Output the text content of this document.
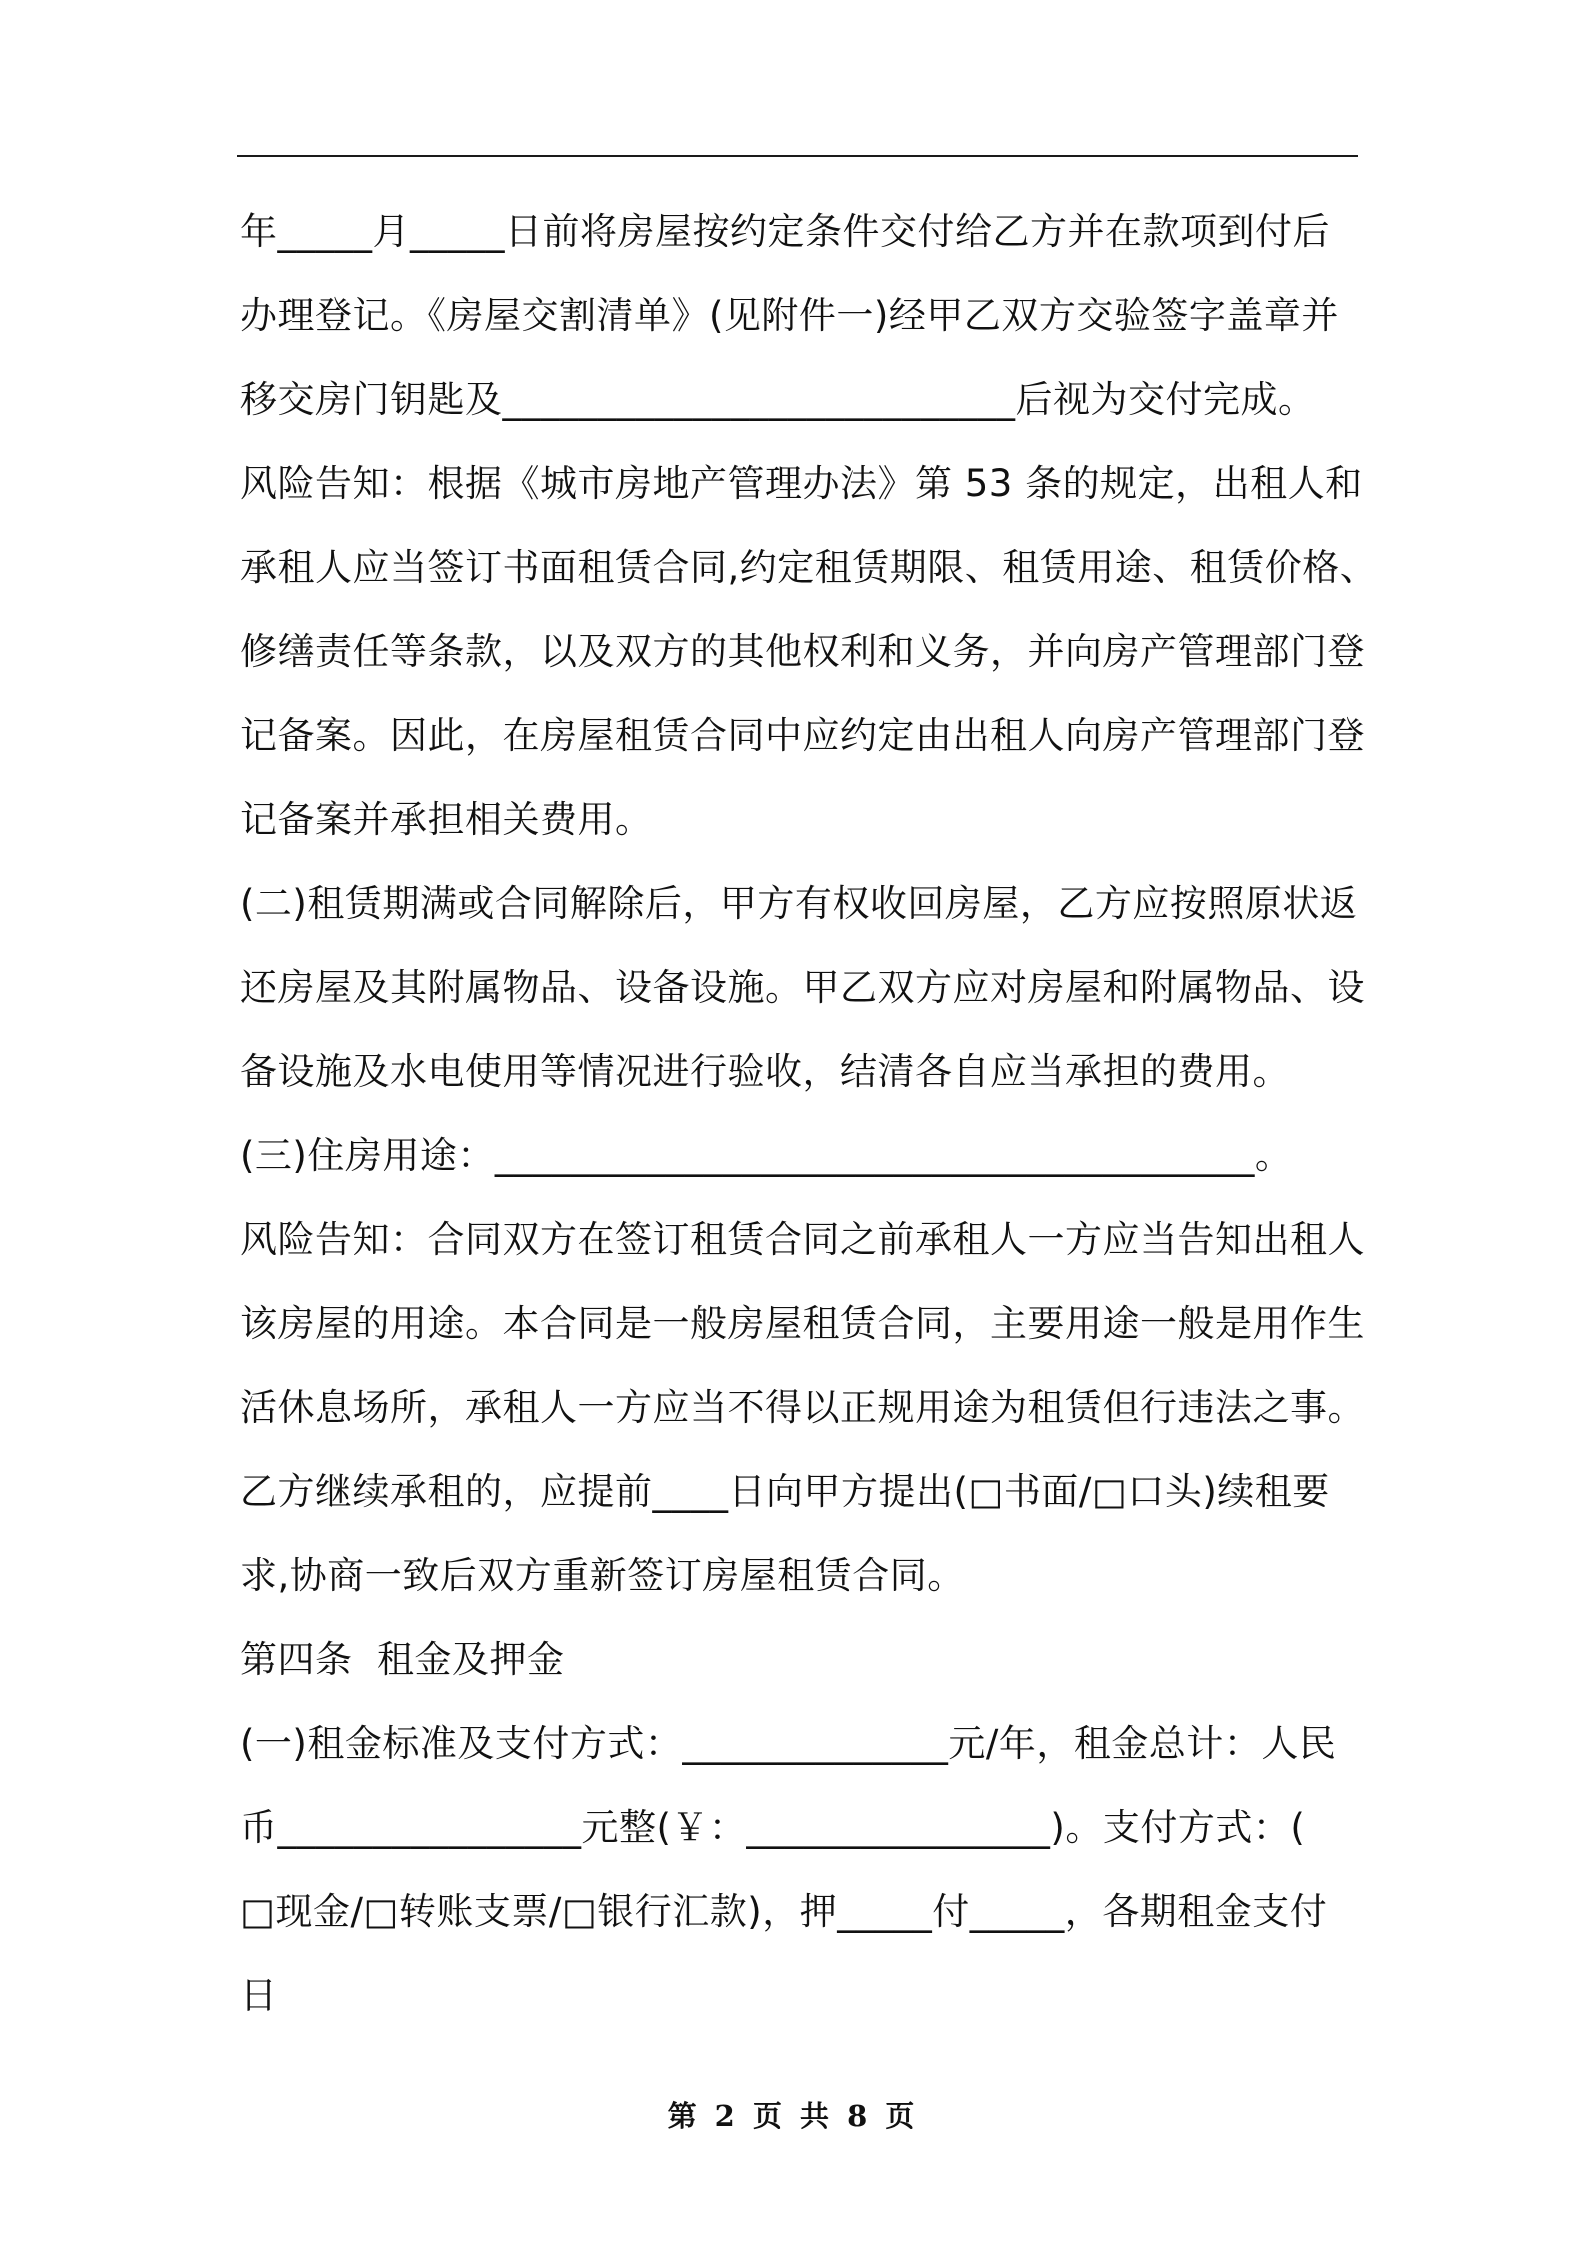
年_____月_____日前将房屋按约定条件交付给乙方并在款项到付后
办理登记。《房屋交割清单》(见附件一)经甲乙双方交验签字盖章并
移交房门钥匙及___________________________后视为交付完成。
风险告知：根据《城市房地产管理办法》第 53 条的规定，出租人和
承租人应当签订书面租赁合同,约定租赁期限、租赁用途、租赁价格、
修缮责任等条款，以及双方的其他权利和义务，并向房产管理部门登
记备案。因此，在房屋租赁合同中应约定由出租人向房产管理部门登
记备案并承担相关费用。
(二)租赁期满或合同解除后，甲方有权收回房屋，乙方应按照原状返
还房屋及其附属物品、设备设施。甲乙双方应对房屋和附属物品、设
备设施及水电使用等情况进行验收，结清各自应当承担的费用。
(三)住房用途：________________________________________。
风险告知：合同双方在签订租赁合同之前承租人一方应当告知出租人
该房屋的用途。本合同是一般房屋租赁合同，主要用途一般是用作生
活休息场所，承租人一方应当不得以正规用途为租赁但行违法之事。
乙方继续承租的，应提前____日向甲方提出(□书面/□口头)续租要
求,协商一致后双方重新签订房屋租赁合同。
第四条  租金及押金
(一)租金标准及支付方式：______________元/年，租金总计：人民
币________________元整(￥：________________)。支付方式：(
□现金/□转账支票/□银行汇款)，押_____付_____，各期租金支付
日
第 2 页 共 8 页
